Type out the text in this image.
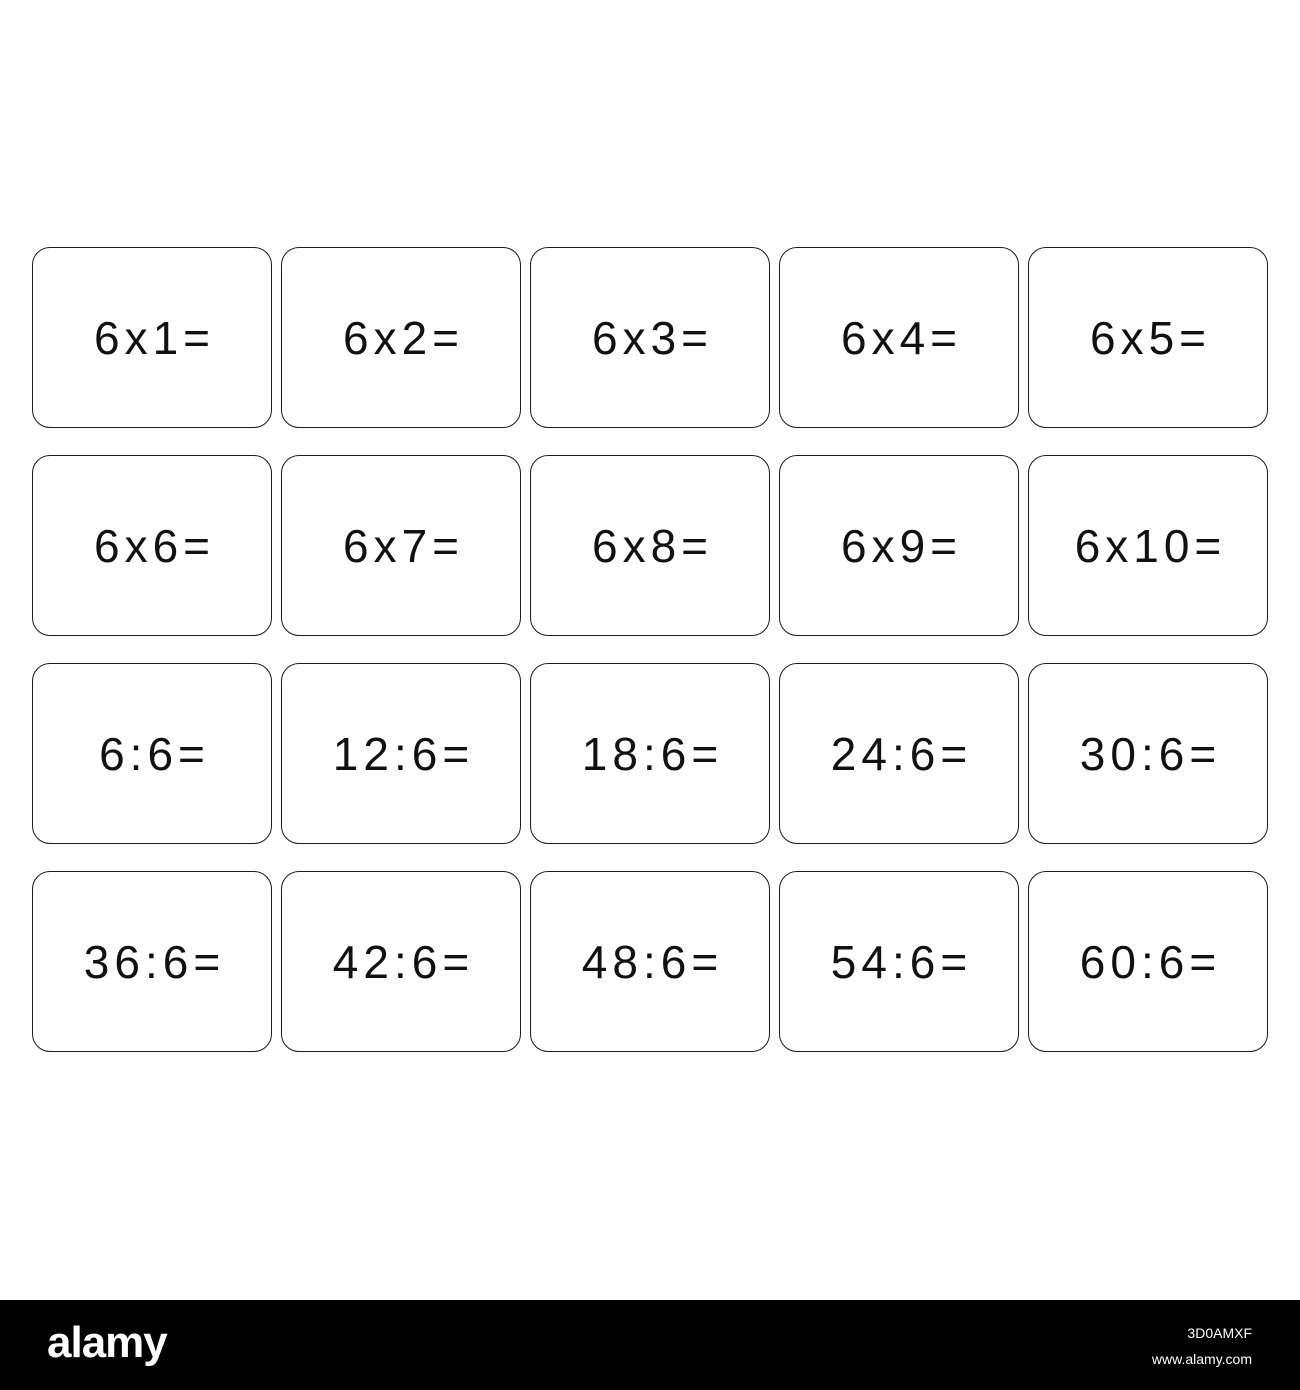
6x1=	6x2=	6x3=	6x4=	6x5=
6x6=	6x7=	6x8=	6x9= 6x10=
6:6=	12:6= 18:6= 24:6= 30:6=
36:6= 42:6= 48:6= 54:6= 60:6=
alamy	3D0AMXF
www.alamy.com
